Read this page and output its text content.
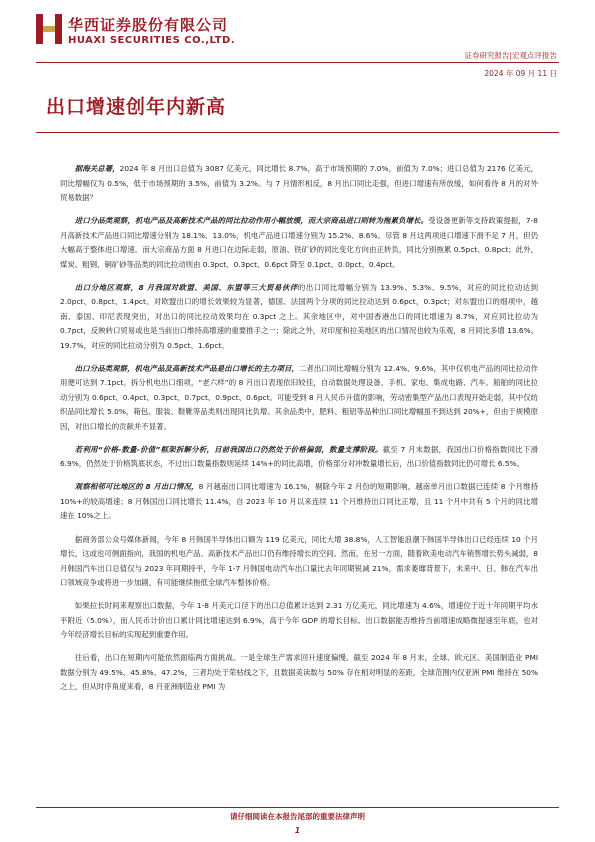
华西证券股份有限公司
HUAXI SECURITIES CO.,LTD.
证券研究报告|宏观点评报告
2024 年 09 月 11 日
出口增速创年内新高

据海关总署，2024 年 8 月出口总值为 3087 亿美元，同比增长 8.7%，高于市场预期的 7.0%，前值为 7.0%；进口总值为 2176 亿美元，同比增幅仅为 0.5%，低于市场预期的 3.5%，前值为 3.2%。与 7 月情形相反，8 月出口同比走强，但进口增速有所放缓，如何看待 8 月的对外贸易数据？

进口分品类观察，机电产品及高新技术产品的同比拉动作用小幅放缓，而大宗商品进口则转为拖累负增长。受设备更新等支持政策提振，7-8 月高新技术产品进口同比增速分别为 18.1%、13.0%，机电产品进口增速分别为 15.2%、8.6%。尽管 8 月这两项进口增速下滑不足 7 月，但仍大幅高于整体进口增速。而大宗商品方面 8 月进口在边际走弱，原油、铁矿砂的同比变化方向由正转负，同比分别拖累 0.5pct、0.8pct；此外，煤炭、粗钢、铜矿砂等品类的同比拉动则由 0.3pct、0.3pct、0.6pct 降至 0.1pct、0.0pct、0.4pct。

出口分地区观察，8 月我国对欧盟、美国、东盟等三大贸易伙伴的出口同比增幅分别为 13.9%、5.3%、9.5%，对应的同比拉动达到 2.0pct、0.8pct、1.4pct。对欧盟出口的增长效果较为显著，德国、法国两个分项的同比拉动达到 0.6pct，0.3pct；对东盟出口的细项中，越南、泰国、印尼表现突出，对出口的同比拉动效果均在 0.3pct 之上。其余地区中，对中国香港出口的同比增速为 8.7%，对应同比拉动为 0.7pct，反映转口贸易或也是当前出口维持高增速的重要推手之一；除此之外，对印度和拉美地区的出口情况也较为乐观，8 月同比多增 13.6%、19.7%，对应的同比拉动分别为 0.5pct、1.6pct。

出口分品类观察，机电产品及高新技术产品是出口增长的主力项目，二者出口同比增幅分别为 12.4%、9.6%，其中仅机电产品的同比拉动作用便可达到 7.1pct。拆分机电出口细项，“老六样”的 8 月出口表现依旧较佳，自动数据处理设备、手机、家电、集成电路、汽车、船舶的同比拉动分别为 0.6pct、0.4pct、0.3pct、0.7pct、0.9pct、0.6pct。可能受到 8 月人民币升值的影响，劳动密集型产品出口表现开始走弱，其中仅纺织品同比增长 5.0%，箱包、服装、鞋靴等品类则出现同比负增。其余品类中，肥料、粗铝等品种出口同比增幅虽不到达到 20%+，但由于规模原因，对出口增长的贡献并不显著。

若利用“价格-数量-价值”框架拆解分析，目前我国出口仍然处于价格偏弱，数量支撑阶段。截至 7 月末数据，我国出口价格指数同比下滑 6.9%，仍然处于价格筑底状态，不过出口数量指数则延续 14%+的同比高增，价格部分对冲数量增长后，出口价值指数同比仍可增长 6.5%。

观察相邻可比地区的 8 月出口情况，8 月越南出口同比增速为 16.1%，剔除今年 2 月份的短期影响，越南单月出口数据已连续 8 个月维持 10%+的较高增速；8 月韩国出口同比增长 11.4%，自 2023 年 10 月以来连续 11 个月维持出口同比正增，且 11 个月中共有 5 个月的同比增速在 10%之上。

据商务部公众号媒体新闻，今年 8 月韩国半导体出口额为 119 亿美元，同比大增 38.8%，人工智能浪潮下韩国半导体出口已经连续 10 个月增长，这或也可侧面指向，我国的机电产品、高新技术产品出口仍有维持增长的空间。然而，在另一方面，随着欧美电动汽车销售增长势头减弱，8 月韩国汽车出口总值仅与 2023 年同期持平，今年 1-7 月韩国电动汽车出口量比去年同期锐减 21%，需求萎靡背景下，未来中、日、韩在汽车出口领域竞争或将进一步加剧，有可能继续拖低全球汽车整体价格。

如果拉长时间来观察出口数据，今年 1-8 月美元口径下的出口总值累计达到 2.31 万亿美元，同比增速为 4.6%，增速位于近十年同期平均水平附近（5.0%），而人民币计价出口累计同比增速达到 6.9%，高于今年 GDP 的增长目标。出口数据能否维持当前增速成略微提速至年底，也对今年经济增长目标的实现起到重要作用。

往后看，出口在短期内可能依然面临两方面挑战。一是全球生产需求回升速度偏慢。截至 2024 年 8 月末，全球、欧元区、美国制造业 PMI 数据分别为 49.5%、45.8%、47.2%，三者均处于荣枯线之下，且数据美读数与 50% 存在相对明显的差距，全球范围内仅亚洲 PMI 维持在 50%之上，但从时序角度来看，8 月亚洲制造业 PMI 为

请仔细阅读在本报告尾部的重要法律声明
1
